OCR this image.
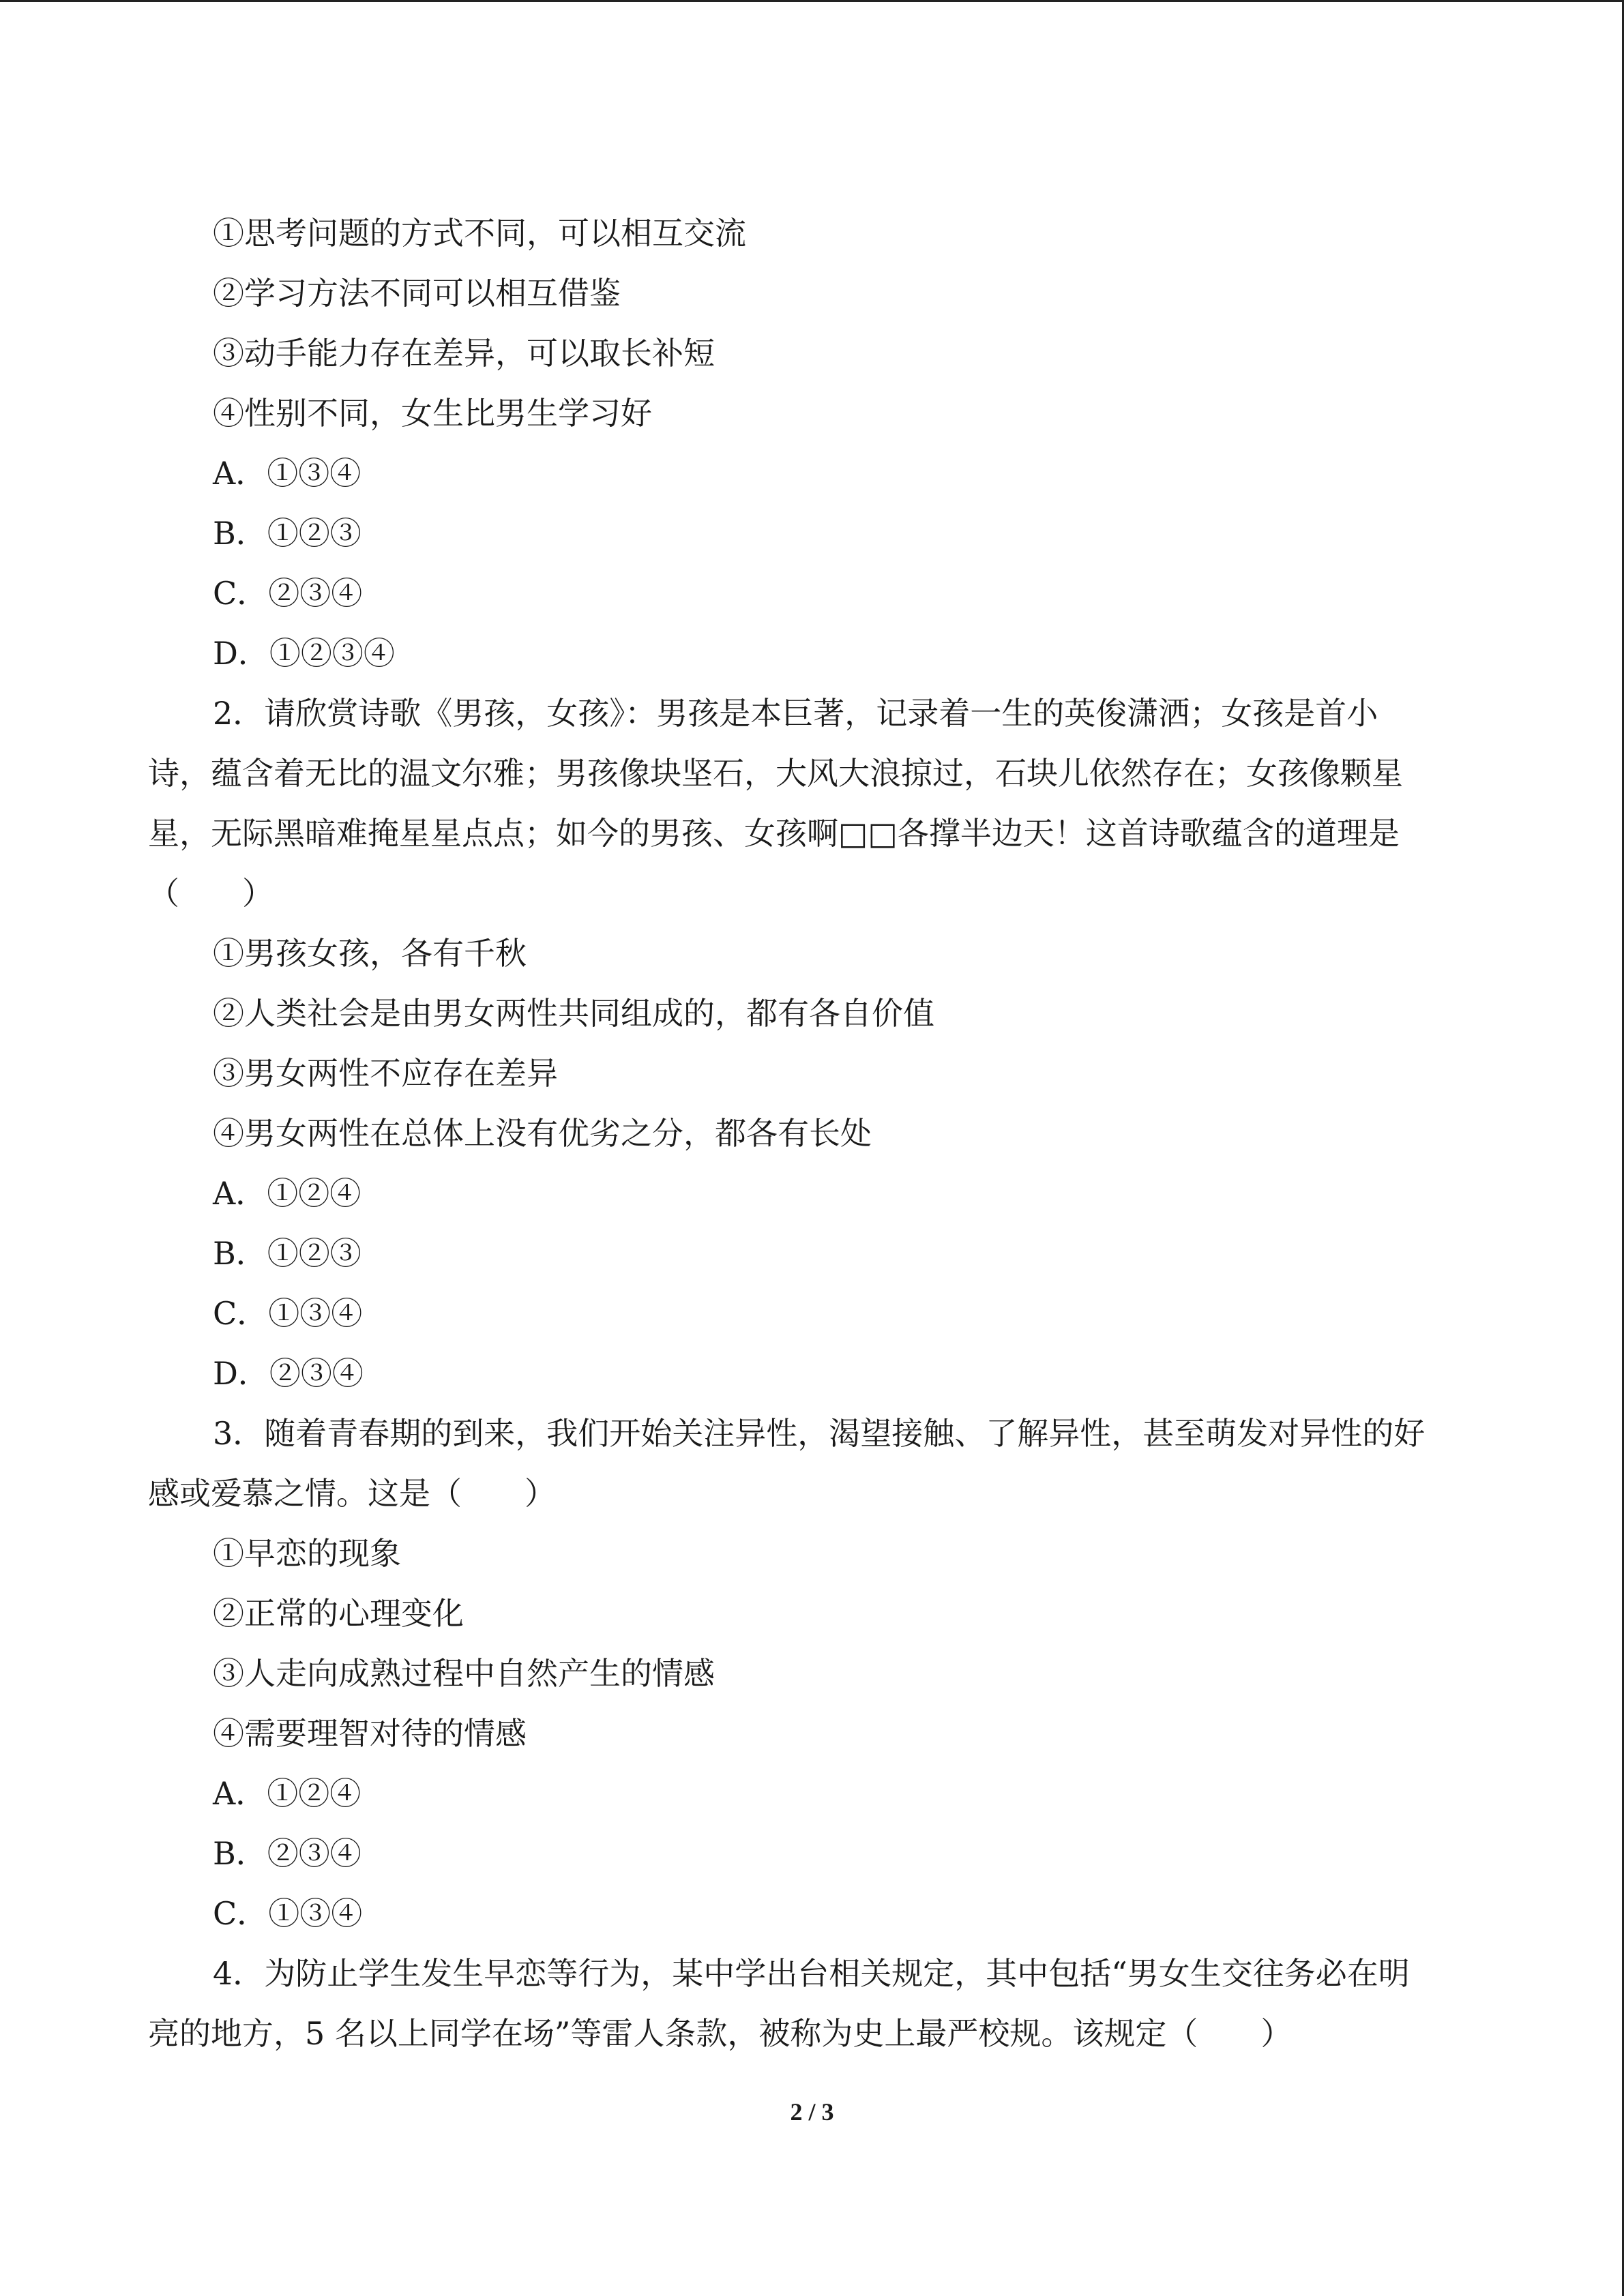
①思考问题的方式不同，可以相互交流
②学习方法不同可以相互借鉴
③动手能力存在差异，可以取长补短
④性别不同，女生比男生学习好
A．①③④
B．①②③
C．②③④
D．①②③④
2．请欣赏诗歌《男孩，女孩》：男孩是本巨著，记录着一生的英俊潇洒；女孩是首小
诗，蕴含着无比的温文尔雅；男孩像块坚石，大风大浪掠过，石块儿依然存在；女孩像颗星
星，无际黑暗难掩星星点点；如今的男孩、女孩啊□□各撑半边天！这首诗歌蕴含的道理是
（　　）
①男孩女孩，各有千秋
②人类社会是由男女两性共同组成的，都有各自价值
③男女两性不应存在差异
④男女两性在总体上没有优劣之分，都各有长处
A．①②④
B．①②③
C．①③④
D．②③④
3．随着青春期的到来，我们开始关注异性，渴望接触、了解异性，甚至萌发对异性的好
感或爱慕之情。这是（　　）
①早恋的现象
②正常的心理变化
③人走向成熟过程中自然产生的情感
④需要理智对待的情感
A．①②④
B．②③④
C．①③④
4．为防止学生发生早恋等行为，某中学出台相关规定，其中包括“男女生交往务必在明
亮的地方，5 名以上同学在场”等雷人条款，被称为史上最严校规。该规定（　　）
2 / 3
